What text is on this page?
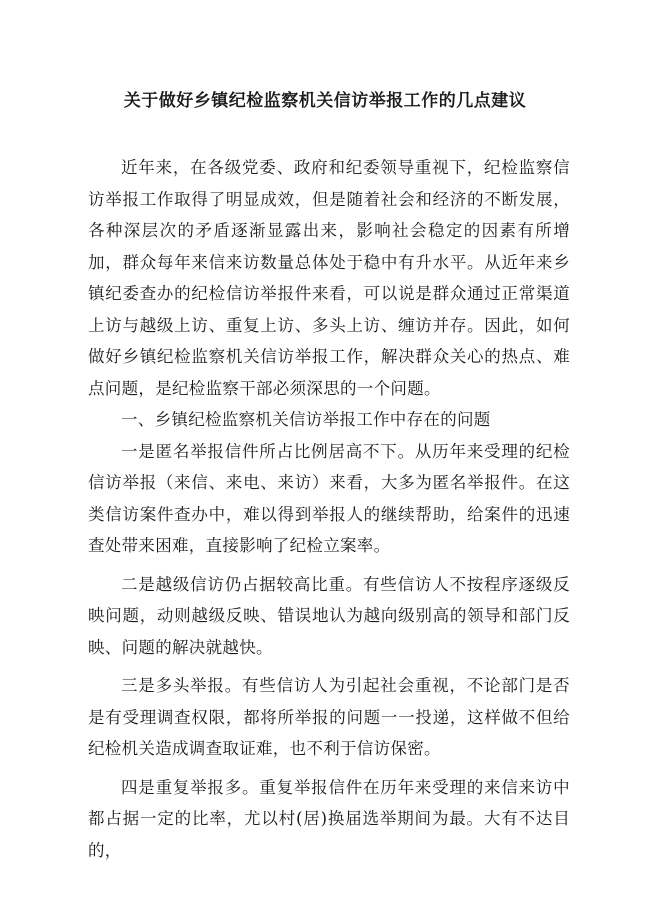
关于做好乡镇纪检监察机关信访举报工作的几点建议

近年来，在各级党委、政府和纪委领导重视下，纪检监察信访举报工作取得了明显成效，但是随着社会和经济的不断发展，各种深层次的矛盾逐渐显露出来，影响社会稳定的因素有所增加，群众每年来信来访数量总体处于稳中有升水平。从近年来乡镇纪委查办的纪检信访举报件来看，可以说是群众通过正常渠道上访与越级上访、重复上访、多头上访、缠访并存。因此，如何做好乡镇纪检监察机关信访举报工作，解决群众关心的热点、难点问题，是纪检监察干部必须深思的一个问题。

一、乡镇纪检监察机关信访举报工作中存在的问题

一是匿名举报信件所占比例居高不下。从历年来受理的纪检信访举报（来信、来电、来访）来看，大多为匿名举报件。在这类信访案件查办中，难以得到举报人的继续帮助，给案件的迅速查处带来困难，直接影响了纪检立案率。

二是越级信访仍占据较高比重。有些信访人不按程序逐级反映问题，动则越级反映、错误地认为越向级别高的领导和部门反映、问题的解决就越快。

三是多头举报。有些信访人为引起社会重视，不论部门是否是有受理调查权限，都将所举报的问题一一投递，这样做不但给纪检机关造成调查取证难，也不利于信访保密。

四是重复举报多。重复举报信件在历年来受理的来信来访中都占据一定的比率，尤以村(居)换届选举期间为最。大有不达目的，
